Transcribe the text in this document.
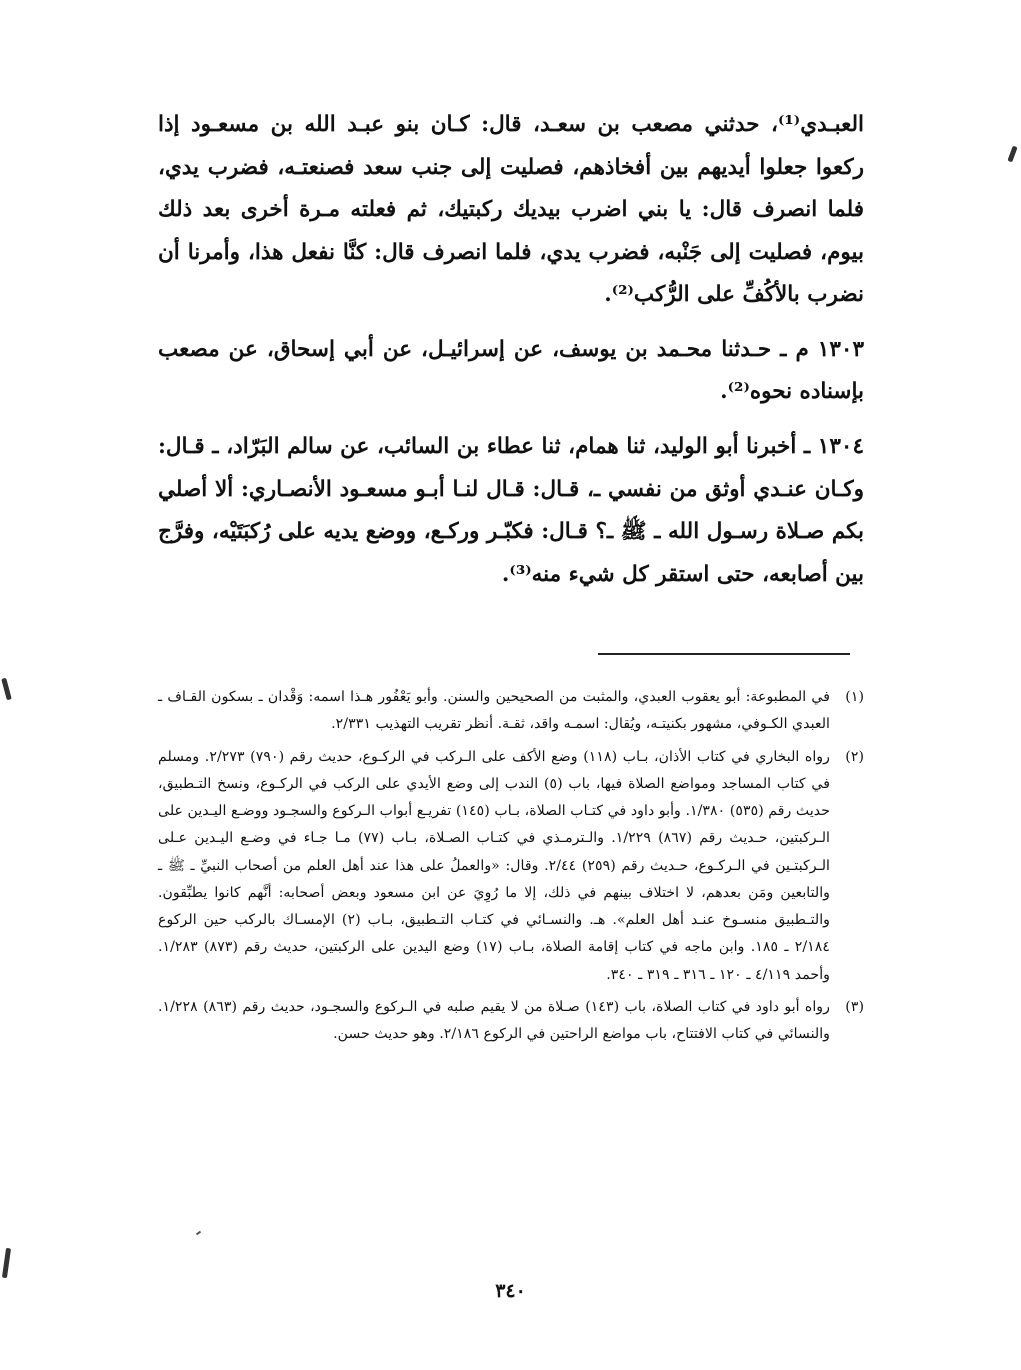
العبـدي⁽¹⁾، حدثني مصعب بن سعـد، قال: كـان بنو عبـد الله بن مسعـود إذا ركعوا جعلوا أيديهم بين أفخاذهم، فصليت إلى جنب سعد فصنعتـه، فضرب يدي، فلما انصرف قال: يا بني اضرب بيديك ركبتيك، ثم فعلته مـرة أخرى بعد ذلك بيوم، فصليت إلى جَنْبه، فضرب يدي، فلما انصرف قال: كنَّا نفعل هذا، وأمرنا أن نضرب بالأكُفِّ على الرُّكب⁽²⁾.

١٣٠٣ م ـ حـدثنا محـمد بن يوسف، عن إسرائيـل، عن أبي إسحاق، عن مصعب بإسناده نحوه⁽²⁾.

١٣٠٤ ـ أخبرنا أبو الوليد، ثنا همام، ثنا عطاء بن السائب، عن سالم البَرّاد، ـ قـال: وكـان عنـدي أوثق من نفسي ـ، قـال: قـال لنـا أبـو مسعـود الأنصـاري: ألا أصلي بكم صـلاة رسـول الله ـ ﷺ ـ؟ قـال: فكبّـر وركـع، ووضع يديه على رُكبَتَيْه، وفرَّج بين أصابعه، حتى استقر كل شيء منه⁽³⁾.

(١)
في المطبوعة: أبو يعقوب العبدي، والمثبت من الصحيحين والسنن. وأبو يَعْفُور هـذا اسمه: وَقْدان ـ بسكون القـاف ـ العبدي الكـوفي، مشهور بكنيتـه، ويُقال: اسمـه واقد، ثقـة. أنظر تقريب التهذيب ٢/٣٣١.
(٢)
رواه البخاري في كتاب الأذان، بـاب (١١٨) وضع الأكف على الـركب في الركـوع، حديث رقم (٧٩٠) ٢/٢٧٣. ومسلم في كتاب المساجد ومواضع الصلاة فيها، باب (٥) الندب إلى وضع الأيدي على الركب في الركـوع، ونسخ التـطبيق، حديث رقم (٥٣٥) ١/٣٨٠. وأبو داود في كتـاب الصلاة، بـاب (١٤٥) تفريـع أبواب الـركوع والسجـود ووضـع اليـدين على الـركبتين، حـديث رقم (٨٦٧) ١/٢٢٩. والـترمـذي في كتـاب الصـلاة، بـاب (٧٧) مـا جـاء في وضـع اليـدين عـلى الـركبتـين في الـركـوع، حـديث رقم (٢٥٩) ٢/٤٤. وقال: «والعملُ على هذا عند أهل العلم من أصحاب النبيِّ ـ ﷺ ـ والتابعين ومَن بعدهم، لا اختلاف بينهم في ذلك، إلا ما رُوِيَ عن ابن مسعود وبعض أصحابه: أنَّهم كانوا يطبِّقون. والتـطبيق منسـوخ عنـد أهل العلم». هـ. والنسـائي في كتـاب التـطبيق، بـاب (٢) الإمسـاك بالركب حين الركوع ٢/١٨٤ ـ ١٨٥. وابن ماجه في كتاب إقامة الصلاة، بـاب (١٧) وضع اليدين على الركبتين، حديث رقم (٨٧٣) ١/٢٨٣. وأحمد ٤/١١٩ ـ ١٢٠ ـ ٣١٦ ـ ٣١٩ ـ ٣٤٠.
(٣)
رواه أبو داود في كتاب الصلاة، باب (١٤٣) صـلاة من لا يقيم صلبه في الـركوع والسجـود، حديث رقم (٨٦٣) ١/٢٢٨. والنسائي في كتاب الافتتاح، باب مواضع الراحتين في الركوع ٢/١٨٦. وهو حديث حسن.
٣٤٠
